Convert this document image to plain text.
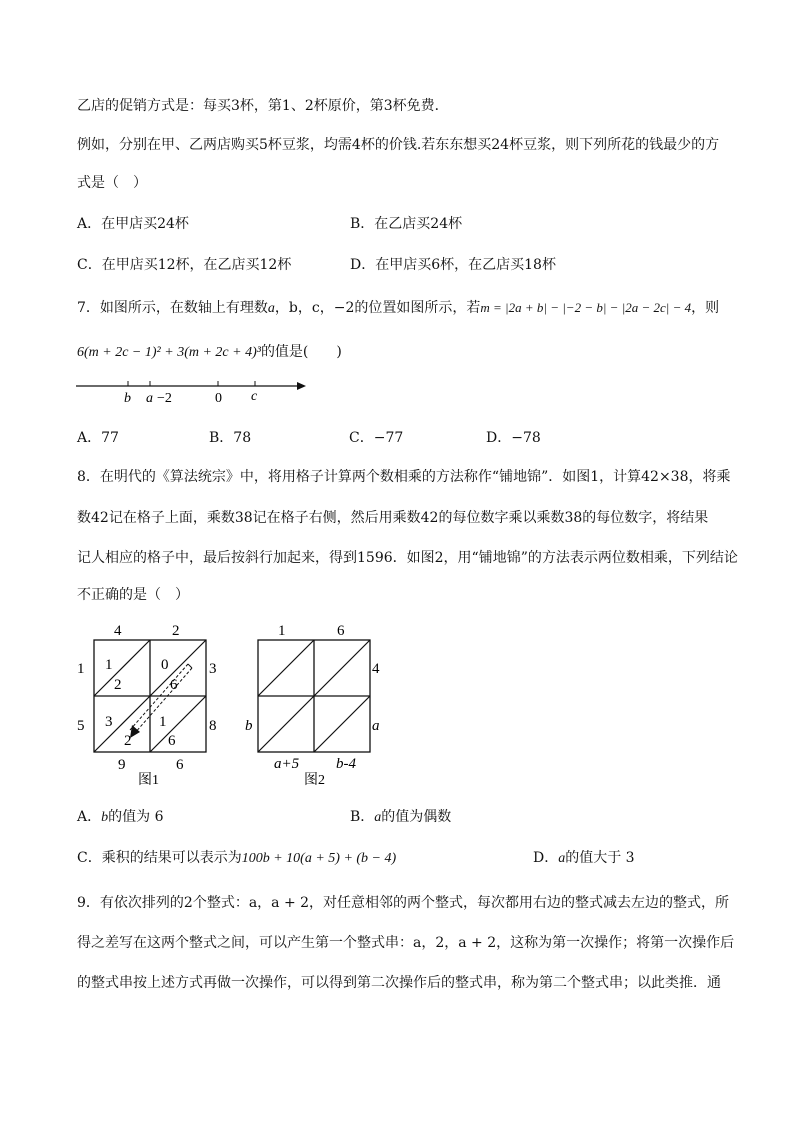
乙店的促销方式是：每买3杯，第1、2杯原价，第3杯免费．
例如，分别在甲、乙两店购买5杯豆浆，均需4杯的价钱.若东东想买24杯豆浆，则下列所花的钱最少的方
式是（　）
A．在甲店买24杯	B．在乙店买24杯
C．在甲店买12杯，在乙店买12杯	D．在甲店买6杯，在乙店买18杯
7．如图所示，在数轴上有理数a，b，c，−2的位置如图所示，若m = |2a + b| − |−2 − b| − |2a − 2c| − 4，则
6(m + 2c − 1)² + 3(m + 2c + 4)³的值是(　　)
b a −2	0 c
A．77	B．78	C．−77	D．−78
8．在明代的《算法统宗》中，将用格子计算两个数相乘的方法称作“铺地锦”．如图1，计算42×38，将乘
数42记在格子上面，乘数38记在格子右侧，然后用乘数42的每位数字乘以乘数38的每位数字，将结果
记人相应的格子中，最后按斜行加起来，得到1596．如图2，用“铺地锦”的方法表示两位数相乘，下列结论
不正确的是（　）
4	2
3
8
1
5
9	6
1
2
0
6
3
2
1
6
图1
1	6
4
a
b
a+5 b-4
图2
A．b的值为 6	B．a的值为偶数
C．乘积的结果可以表示为100b + 10(a + 5) + (b − 4)	D．a的值大于 3
9．有依次排列的2个整式：a，a + 2，对任意相邻的两个整式，每次都用右边的整式减去左边的整式，所
得之差写在这两个整式之间，可以产生第一个整式串：a，2，a + 2，这称为第一次操作；将第一次操作后
的整式串按上述方式再做一次操作，可以得到第二次操作后的整式串，称为第二个整式串；以此类推．通
